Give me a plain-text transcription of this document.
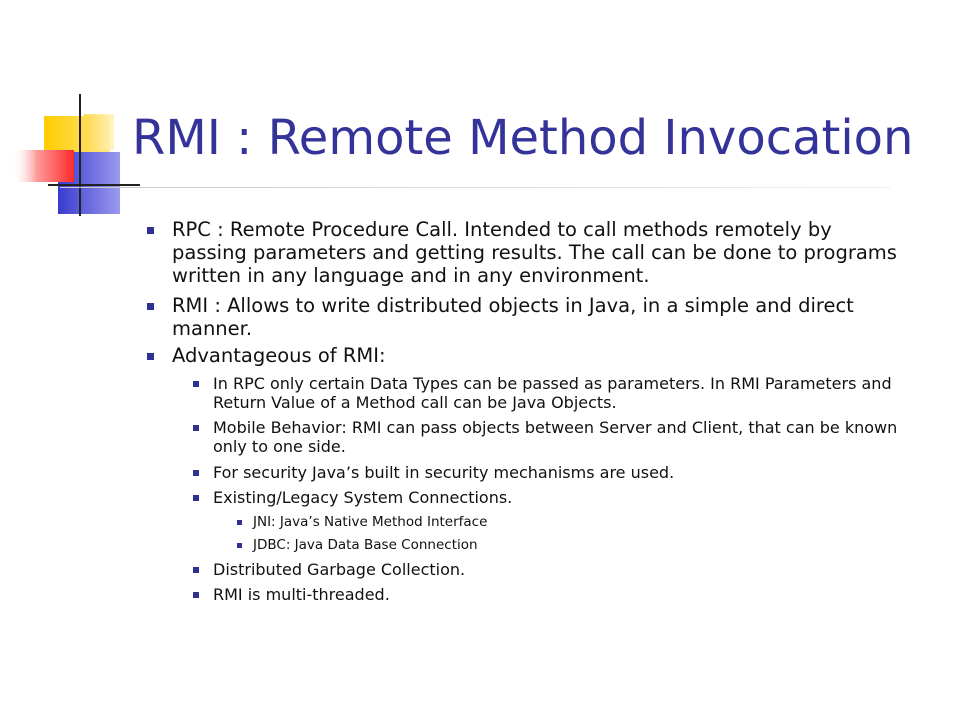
RMI : Remote Method Invocation
RPC : Remote Procedure Call. Intended to call methods remotely by passing parameters and getting results. The call can be done to programs written in any language and in any environment.
RMI : Allows to write distributed objects in Java, in a simple and direct manner.
Advantageous of RMI:
In RPC only certain Data Types can be passed as parameters. In RMI Parameters and Return Value of a Method call can be Java Objects.
Mobile Behavior: RMI can pass objects between Server and Client, that can be known only to one side.
For security Java’s built in security mechanisms are used.
Existing/Legacy System Connections.
JNI: Java’s Native Method Interface
JDBC: Java Data Base Connection
Distributed Garbage Collection.
RMI is multi-threaded.
